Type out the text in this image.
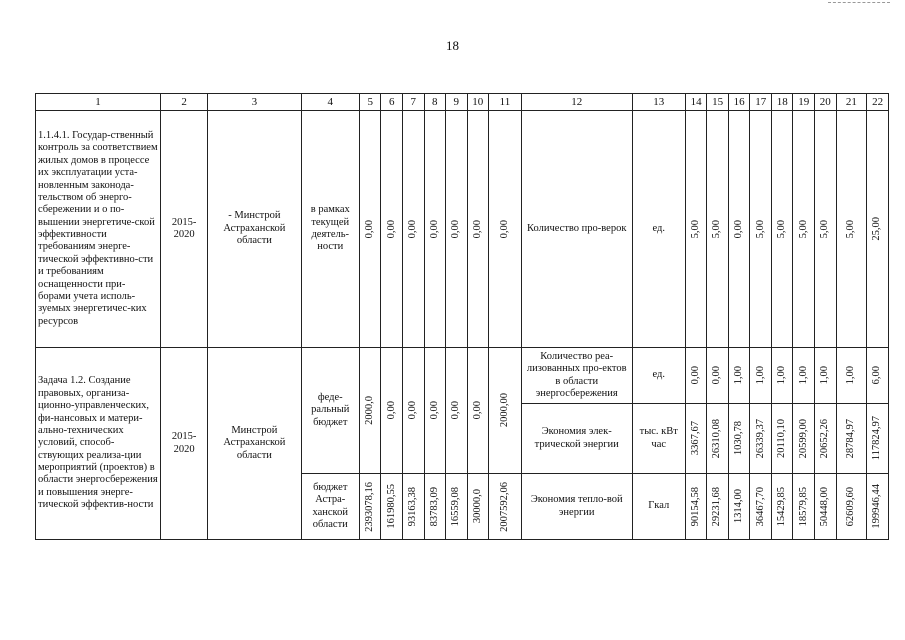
18
1	2	3	4	5	6	7	8	9	10	11	12	13	14	15	16	17	18	19	20	21	22
1.1.4.1. Государ-ственный контроль за соответствием жилых домов в процессе их эксплуатации уста-новленным законода-тельством об энерго-сбережении и о по-вышении энергетиче-ской эффективности требованиям энерге-тической эффективно-сти и требованиям оснащенности при-борами учета исполь-зуемых энергетичес-ких ресурсов	2015-2020	- Минстрой Астраханской области	в рамках текущей деятель-ности	0,00	0,00	0,00	0,00	0,00	0,00	0,00	Количество про-верок	ед.	5,00	5,00	0,00	5,00	5,00	5,00	5,00	5,00	25,00

Задача 1.2. Создание правовых, организа-ционно-управленческих, фи-нансовых и матери-ально-технических условий, способ-ствующих реализа-ции мероприятий (проектов) в области энергосбережения и повышения энерге-тической эффектив-ности	2015-2020	Минстрой Астраханской области	феде-ральный бюджет	2000,0	0,00	0,00	0,00	0,00	0,00	2000,00	Количество реа-лизованных про-ектов в области энергосбережения	ед.	0,00	0,00	1,00	1,00	1,00	1,00	1,00	1,00	6,00

											Экономия элек-трической энергии	тыс. кВт час	3367,67	26310,08	1030,78	26339,37	20110,10	20599,00	20652,26	28784,97	117824,97

			бюджет Астра-ханской области	2393078,16	161980,55	93163,38	83783,09	16559,08	30000,0	2007592,06	Экономия тепло-вой энергии	Гкал	90154,58	29231,68	1314,00	36467,70	15429,85	18579,85	50448,00	62609,60	199946,44
